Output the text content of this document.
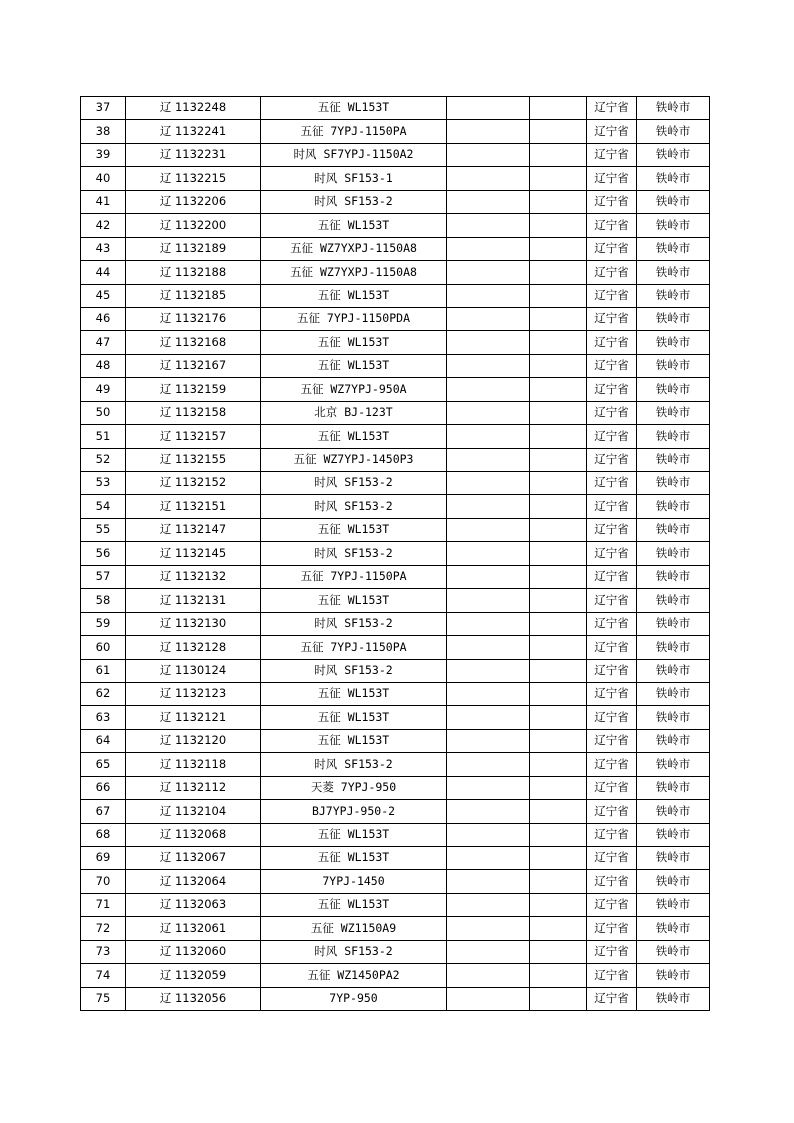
37	辽 1132248	五征 WL153T			辽宁省	铁岭市
38	辽 1132241	五征 7YPJ-1150PA			辽宁省	铁岭市
39	辽 1132231	时风 SF7YPJ-1150A2			辽宁省	铁岭市
40	辽 1132215	时风 SF153-1			辽宁省	铁岭市
41	辽 1132206	时风 SF153-2			辽宁省	铁岭市
42	辽 1132200	五征 WL153T			辽宁省	铁岭市
43	辽 1132189	五征 WZ7YXPJ-1150A8			辽宁省	铁岭市
44	辽 1132188	五征 WZ7YXPJ-1150A8			辽宁省	铁岭市
45	辽 1132185	五征 WL153T			辽宁省	铁岭市
46	辽 1132176	五征 7YPJ-1150PDA			辽宁省	铁岭市
47	辽 1132168	五征 WL153T			辽宁省	铁岭市
48	辽 1132167	五征 WL153T			辽宁省	铁岭市
49	辽 1132159	五征 WZ7YPJ-950A			辽宁省	铁岭市
50	辽 1132158	北京 BJ-123T			辽宁省	铁岭市
51	辽 1132157	五征 WL153T			辽宁省	铁岭市
52	辽 1132155	五征 WZ7YPJ-1450P3			辽宁省	铁岭市
53	辽 1132152	时风 SF153-2			辽宁省	铁岭市
54	辽 1132151	时风 SF153-2			辽宁省	铁岭市
55	辽 1132147	五征 WL153T			辽宁省	铁岭市
56	辽 1132145	时风 SF153-2			辽宁省	铁岭市
57	辽 1132132	五征 7YPJ-1150PA			辽宁省	铁岭市
58	辽 1132131	五征 WL153T			辽宁省	铁岭市
59	辽 1132130	时风 SF153-2			辽宁省	铁岭市
60	辽 1132128	五征 7YPJ-1150PA			辽宁省	铁岭市
61	辽 1130124	时风 SF153-2			辽宁省	铁岭市
62	辽 1132123	五征 WL153T			辽宁省	铁岭市
63	辽 1132121	五征 WL153T			辽宁省	铁岭市
64	辽 1132120	五征 WL153T			辽宁省	铁岭市
65	辽 1132118	时风 SF153-2			辽宁省	铁岭市
66	辽 1132112	天菱 7YPJ-950			辽宁省	铁岭市
67	辽 1132104	BJ7YPJ-950-2			辽宁省	铁岭市
68	辽 1132068	五征 WL153T			辽宁省	铁岭市
69	辽 1132067	五征 WL153T			辽宁省	铁岭市
70	辽 1132064	7YPJ-1450			辽宁省	铁岭市
71	辽 1132063	五征 WL153T			辽宁省	铁岭市
72	辽 1132061	五征 WZ1150A9			辽宁省	铁岭市
73	辽 1132060	时风 SF153-2			辽宁省	铁岭市
74	辽 1132059	五征 WZ1450PA2			辽宁省	铁岭市
75	辽 1132056	7YP-950			辽宁省	铁岭市
